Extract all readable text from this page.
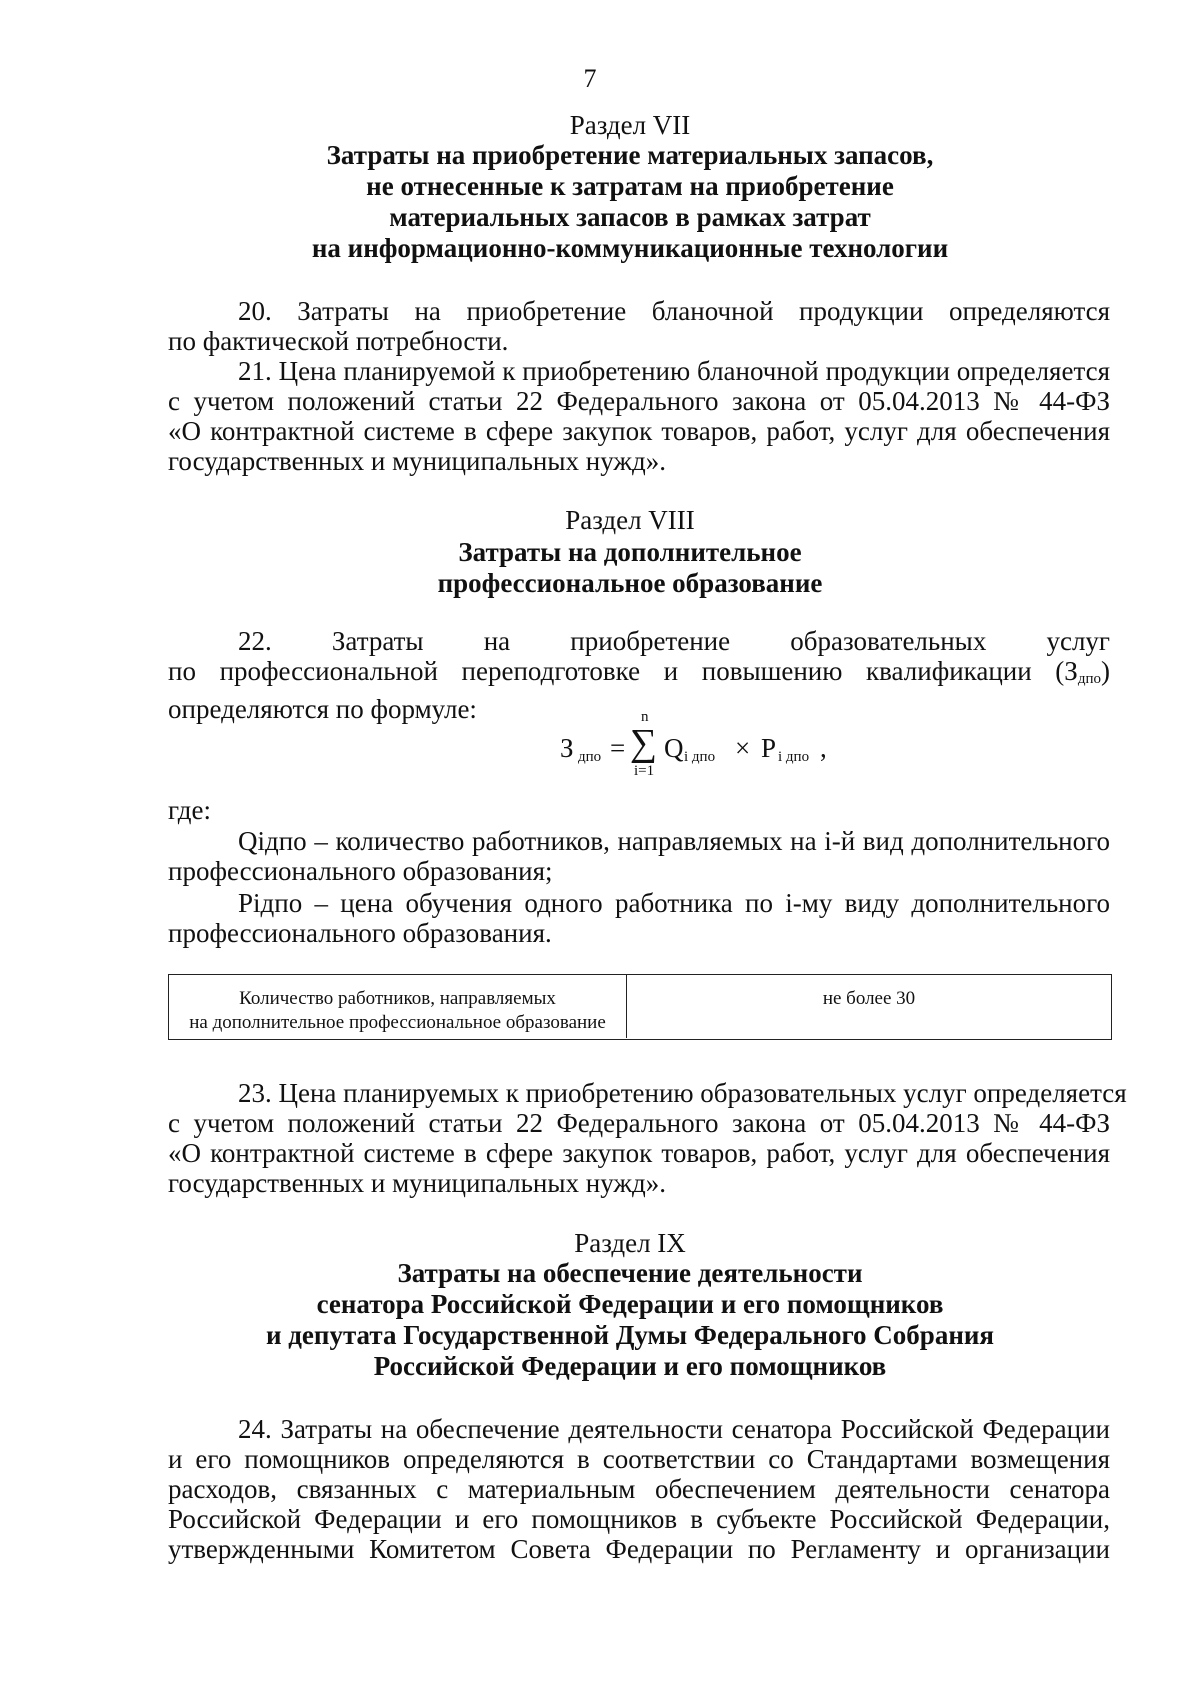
7
Раздел VII
Затраты на приобретение материальных запасов,
не отнесенные к затратам на приобретение
материальных запасов в рамках затрат
на информационно-коммуникационные технологии
20. Затраты на приобретение бланочной продукции определяются
по фактической потребности.
21. Цена планируемой к приобретению бланочной продукции определяется
с учетом положений статьи 22 Федерального закона от 05.04.2013 № 44-ФЗ
«О контрактной системе в сфере закупок товаров, работ, услуг для обеспечения
государственных и муниципальных нужд».
Раздел VIII
Затраты на дополнительное
профессиональное образование
22. Затраты на приобретение образовательных услуг
по профессиональной переподготовке и повышению квалификации (З дпо )
определяются по формуле:
З дпо =
n
∑
i=1
Q i дпо × P i дпо ,
где:
Qiдпо – количество работников, направляемых на i-й вид дополнительного
профессионального образования;
Piдпо – цена обучения одного работника по i-му виду дополнительного
профессионального образования.
Количество работников, направляемых
на дополнительное профессиональное образование
не более 30
23. Цена планируемых к приобретению образовательных услуг определяется
с учетом положений статьи 22 Федерального закона от 05.04.2013 № 44-ФЗ
«О контрактной системе в сфере закупок товаров, работ, услуг для обеспечения
государственных и муниципальных нужд».
Раздел IX
Затраты на обеспечение деятельности
сенатора Российской Федерации и его помощников
и депутата Государственной Думы Федерального Собрания
Российской Федерации и его помощников
24. Затраты на обеспечение деятельности сенатора Российской Федерации
и его помощников определяются в соответствии со Стандартами возмещения
расходов, связанных с материальным обеспечением деятельности сенатора
Российской Федерации и его помощников в субъекте Российской Федерации,
утвержденными Комитетом Совета Федерации по Регламенту и организации
